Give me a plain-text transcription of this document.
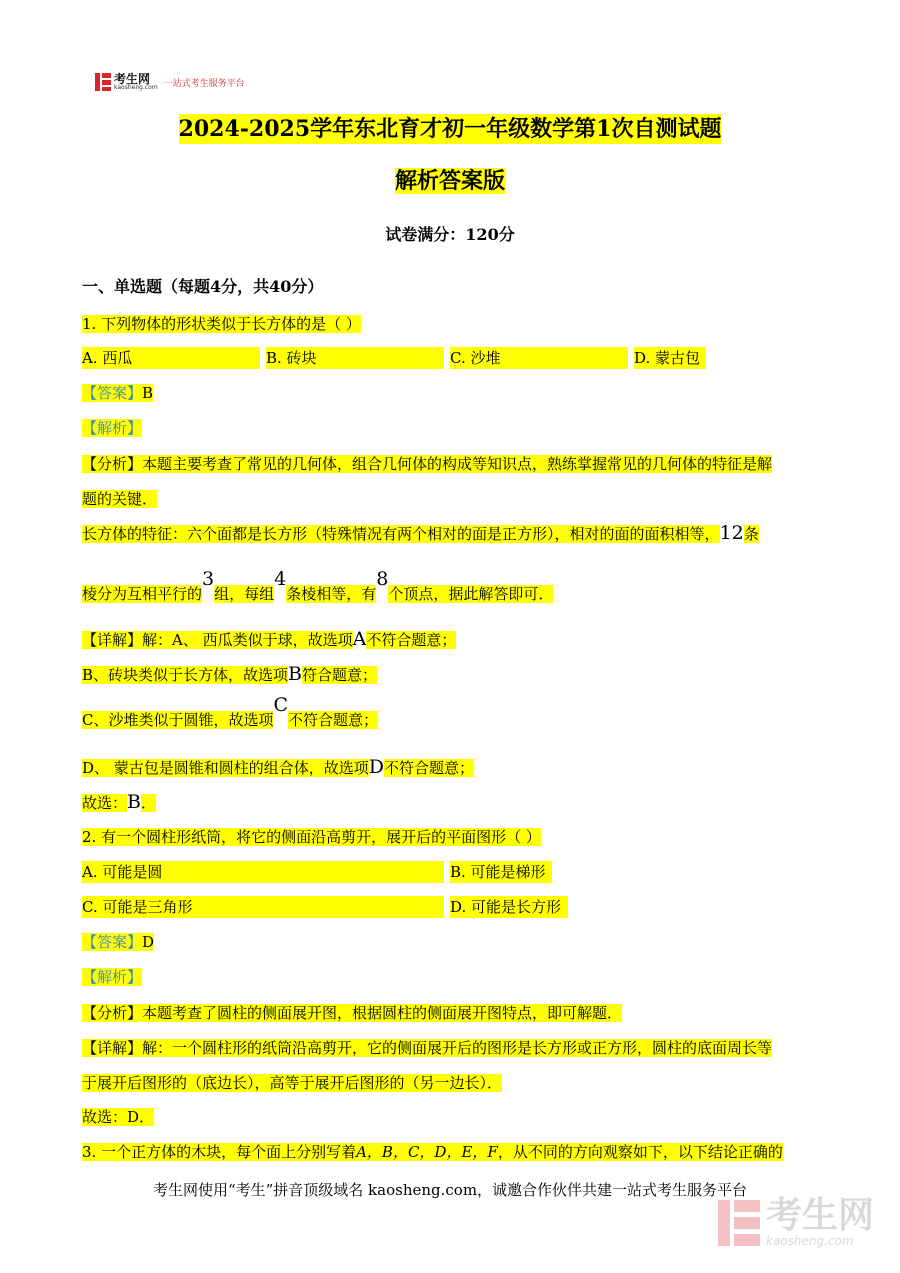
考生网
kaosheng.com 一站式考生服务平台
2024-2025学年东北育才初一年级数学第1次自测试题
解析答案版
试卷满分：120分
一、单选题（每题4分，共40分）
1. 下列物体的形状类似于长方体的是（ ）
A. 西瓜	B. 砖块	C. 沙堆	D. 蒙古包
【答案】B
【解析】
【分析】本题主要考查了常见的几何体，组合几何体的构成等知识点，熟练掌握常见的几何体的特征是解
题的关键．
长方体的特征：六个面都是长方形（特殊情况有两个相对的面是正方形），相对的面的面积相等，12条
棱分为互相平行的3组，每组4条棱相等，有8个顶点，据此解答即可．
【详解】解：A、 西瓜类似于球，故选项A不符合题意；
B、砖块类似于长方体，故选项B符合题意；
C、沙堆类似于圆锥，故选项C不符合题意；
D、 蒙古包是圆锥和圆柱的组合体，故选项D不符合题意；
故选：B．
2. 有一个圆柱形纸筒，将它的侧面沿高剪开，展开后的平面图形（ ）
A. 可能是圆	B. 可能是梯形
C. 可能是三角形	D. 可能是长方形
【答案】D
【解析】
【分析】本题考查了圆柱的侧面展开图，根据圆柱的侧面展开图特点，即可解题．
【详解】解：一个圆柱形的纸筒沿高剪开，它的侧面展开后的图形是长方形或正方形，圆柱的底面周长等
于展开后图形的（底边长），高等于展开后图形的（另一边长）．
故选：D．
3. 一个正方体的木块，每个面上分别写着A，B，C，D，E，F，从不同的方向观察如下，以下结论正确的
考生网使用“考生”拼音顶级域名 kaosheng.com，诚邀合作伙伴共建一站式考生服务平台
考生网
kaosheng.com
